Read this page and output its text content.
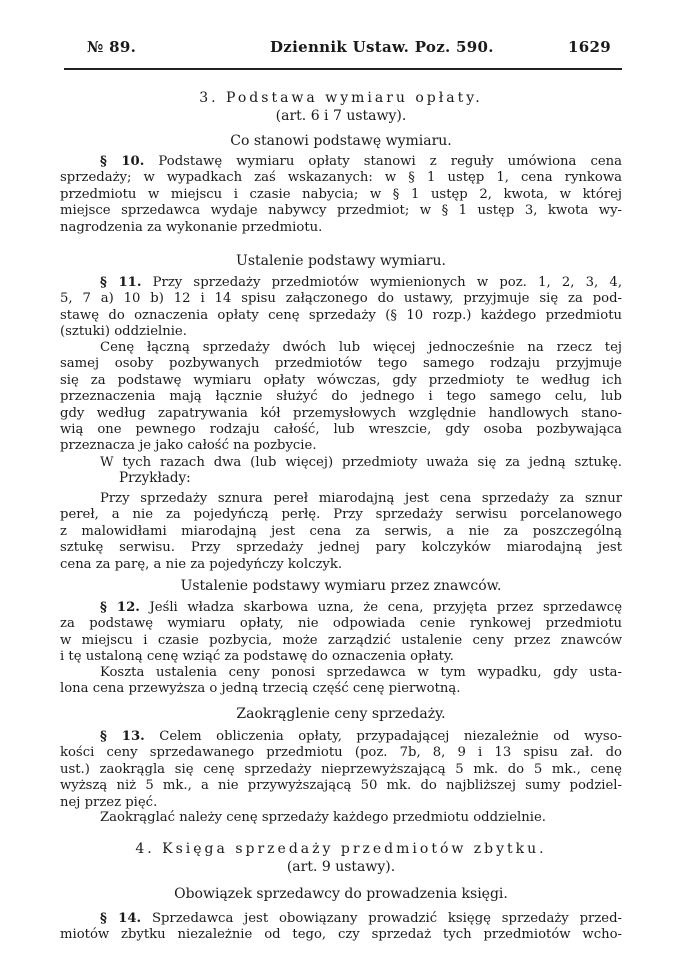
№ 89.	Dziennik Ustaw. Poz. 590.	1629
3. Podstawa wymiaru opłaty.
(art. 6 i 7 ustawy).
Co stanowi podstawę wymiaru.
§ 10. Podstawę wymiaru opłaty stanowi z reguły umówiona cena
sprzedaży; w wypadkach zaś wskazanych: w § 1 ustęp 1, cena rynkowa
przedmiotu w miejscu i czasie nabycia; w § 1 ustęp 2, kwota, w której
miejsce sprzedawca wydaje nabywcy przedmiot; w § 1 ustęp 3, kwota wy-
nagrodzenia za wykonanie przedmiotu.
Ustalenie podstawy wymiaru.
§ 11. Przy sprzedaży przedmiotów wymienionych w poz. 1, 2, 3, 4,
5, 7 a) 10 b) 12 i 14 spisu załączonego do ustawy, przyjmuje się za pod-
stawę do oznaczenia opłaty cenę sprzedaży (§ 10 rozp.) każdego przedmiotu
(sztuki) oddzielnie.
Cenę łączną sprzedaży dwóch lub więcej jednocześnie na rzecz tej
samej osoby pozbywanych przedmiotów tego samego rodzaju przyjmuje
się za podstawę wymiaru opłaty wówczas, gdy przedmioty te według ich
przeznaczenia mają łącznie służyć do jednego i tego samego celu, lub
gdy według zapatrywania kół przemysłowych względnie handlowych stano-
wią one pewnego rodzaju całość, lub wreszcie, gdy osoba pozbywająca
przeznacza je jako całość na pozbycie.
W tych razach dwa (lub więcej) przedmioty uważa się za jedną sztukę.
Przykłady:
Przy sprzedaży sznura pereł miarodajną jest cena sprzedaży za sznur
pereł, a nie za pojedyńczą perłę. Przy sprzedaży serwisu porcelanowego
z malowidłami miarodajną jest cena za serwis, a nie za poszczególną
sztukę serwisu. Przy sprzedaży jednej pary kolczyków miarodajną jest
cena za parę, a nie za pojedyńczy kolczyk.
Ustalenie podstawy wymiaru przez znawców.
§ 12. Jeśli władza skarbowa uzna, że cena, przyjęta przez sprzedawcę
za podstawę wymiaru opłaty, nie odpowiada cenie rynkowej przedmiotu
w miejscu i czasie pozbycia, może zarządzić ustalenie ceny przez znawców
i tę ustaloną cenę wziąć za podstawę do oznaczenia opłaty.
Koszta ustalenia ceny ponosi sprzedawca w tym wypadku, gdy usta-
lona cena przewyższa o jedną trzecią część cenę pierwotną.
Zaokrąglenie ceny sprzedaży.
§ 13. Celem obliczenia opłaty, przypadającej niezależnie od wyso-
kości ceny sprzedawanego przedmiotu (poz. 7b, 8, 9 i 13 spisu zał. do
ust.) zaokrągla się cenę sprzedaży nieprzewyższającą 5 mk. do 5 mk., cenę
wyższą niż 5 mk., a nie przywyższającą 50 mk. do najbliższej sumy podziel-
nej przez pięć.
Zaokrąglać należy cenę sprzedaży każdego przedmiotu oddzielnie.
4. Księga sprzedaży przedmiotów zbytku.
(art. 9 ustawy).
Obowiązek sprzedawcy do prowadzenia księgi.
§ 14. Sprzedawca jest obowiązany prowadzić księgę sprzedaży przed-
miotów zbytku niezależnie od tego, czy sprzedaż tych przedmiotów wcho-
